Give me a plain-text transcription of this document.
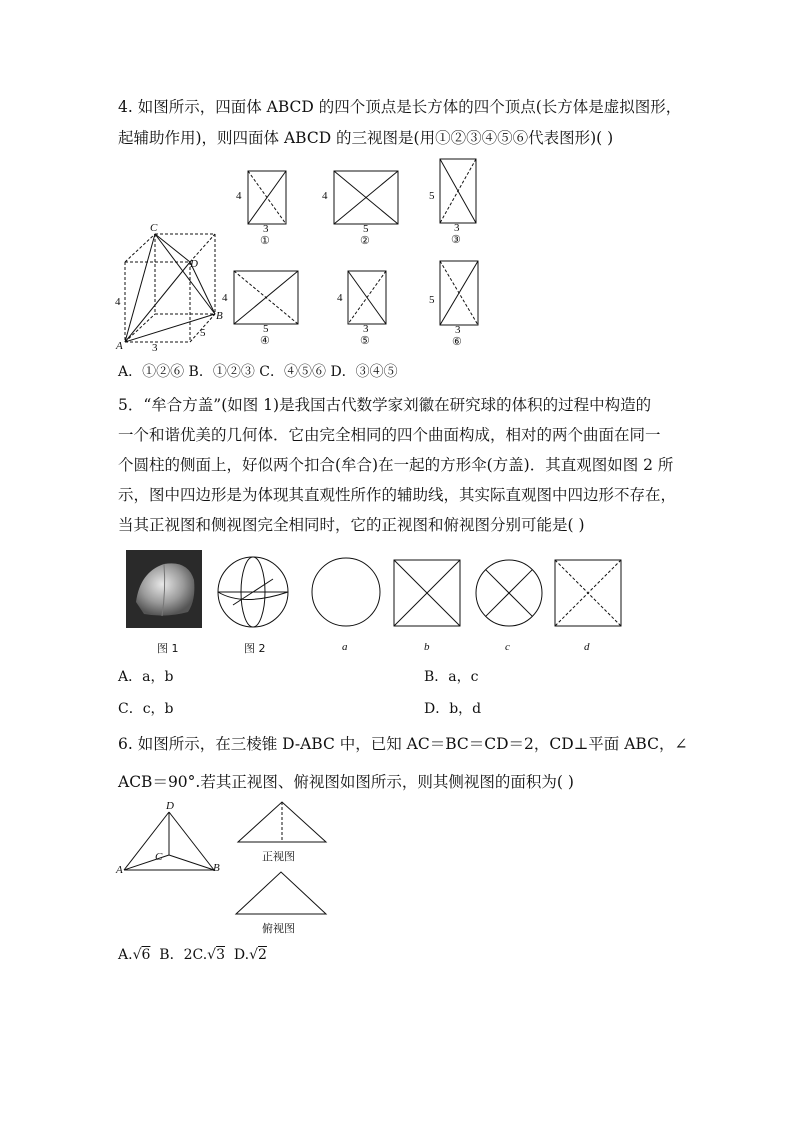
4. 如图所示，四面体 ABCD 的四个顶点是长方体的四个顶点(长方体是虚拟图形，
起辅助作用)，则四面体 ABCD 的三视图是(用①②③④⑤⑥代表图形)( )
C
D
B
A
4
3
5
4
3
①
4
5
②
5
3
③
4
5
④
4
3
⑤
5
3
⑥
A．①②⑥ B．①②③ C．④⑤⑥ D．③④⑤
5．“牟合方盖”(如图 1)是我国古代数学家刘徽在研究球的体积的过程中构造的
一个和谐优美的几何体．它由完全相同的四个曲面构成，相对的两个曲面在同一
个圆柱的侧面上，好似两个扣合(牟合)在一起的方形伞(方盖)．其直观图如图 2 所
示，图中四边形是为体现其直观性所作的辅助线，其实际直观图中四边形不存在，
当其正视图和侧视图完全相同时，它的正视图和俯视图分别可能是( )
图 1	图 2	a	b	c	d
A．a，b	B．a，c
C．c，b	D．b，d
6. 如图所示，在三棱锥 D-ABC 中，已知 AC＝BC＝CD＝2，CD⊥平面 ABC，∠
ACB＝90°.若其正视图、俯视图如图所示，则其侧视图的面积为( )
D
C
A	B
正视图
俯视图
A.√6  B．2C.√3  D.√2
